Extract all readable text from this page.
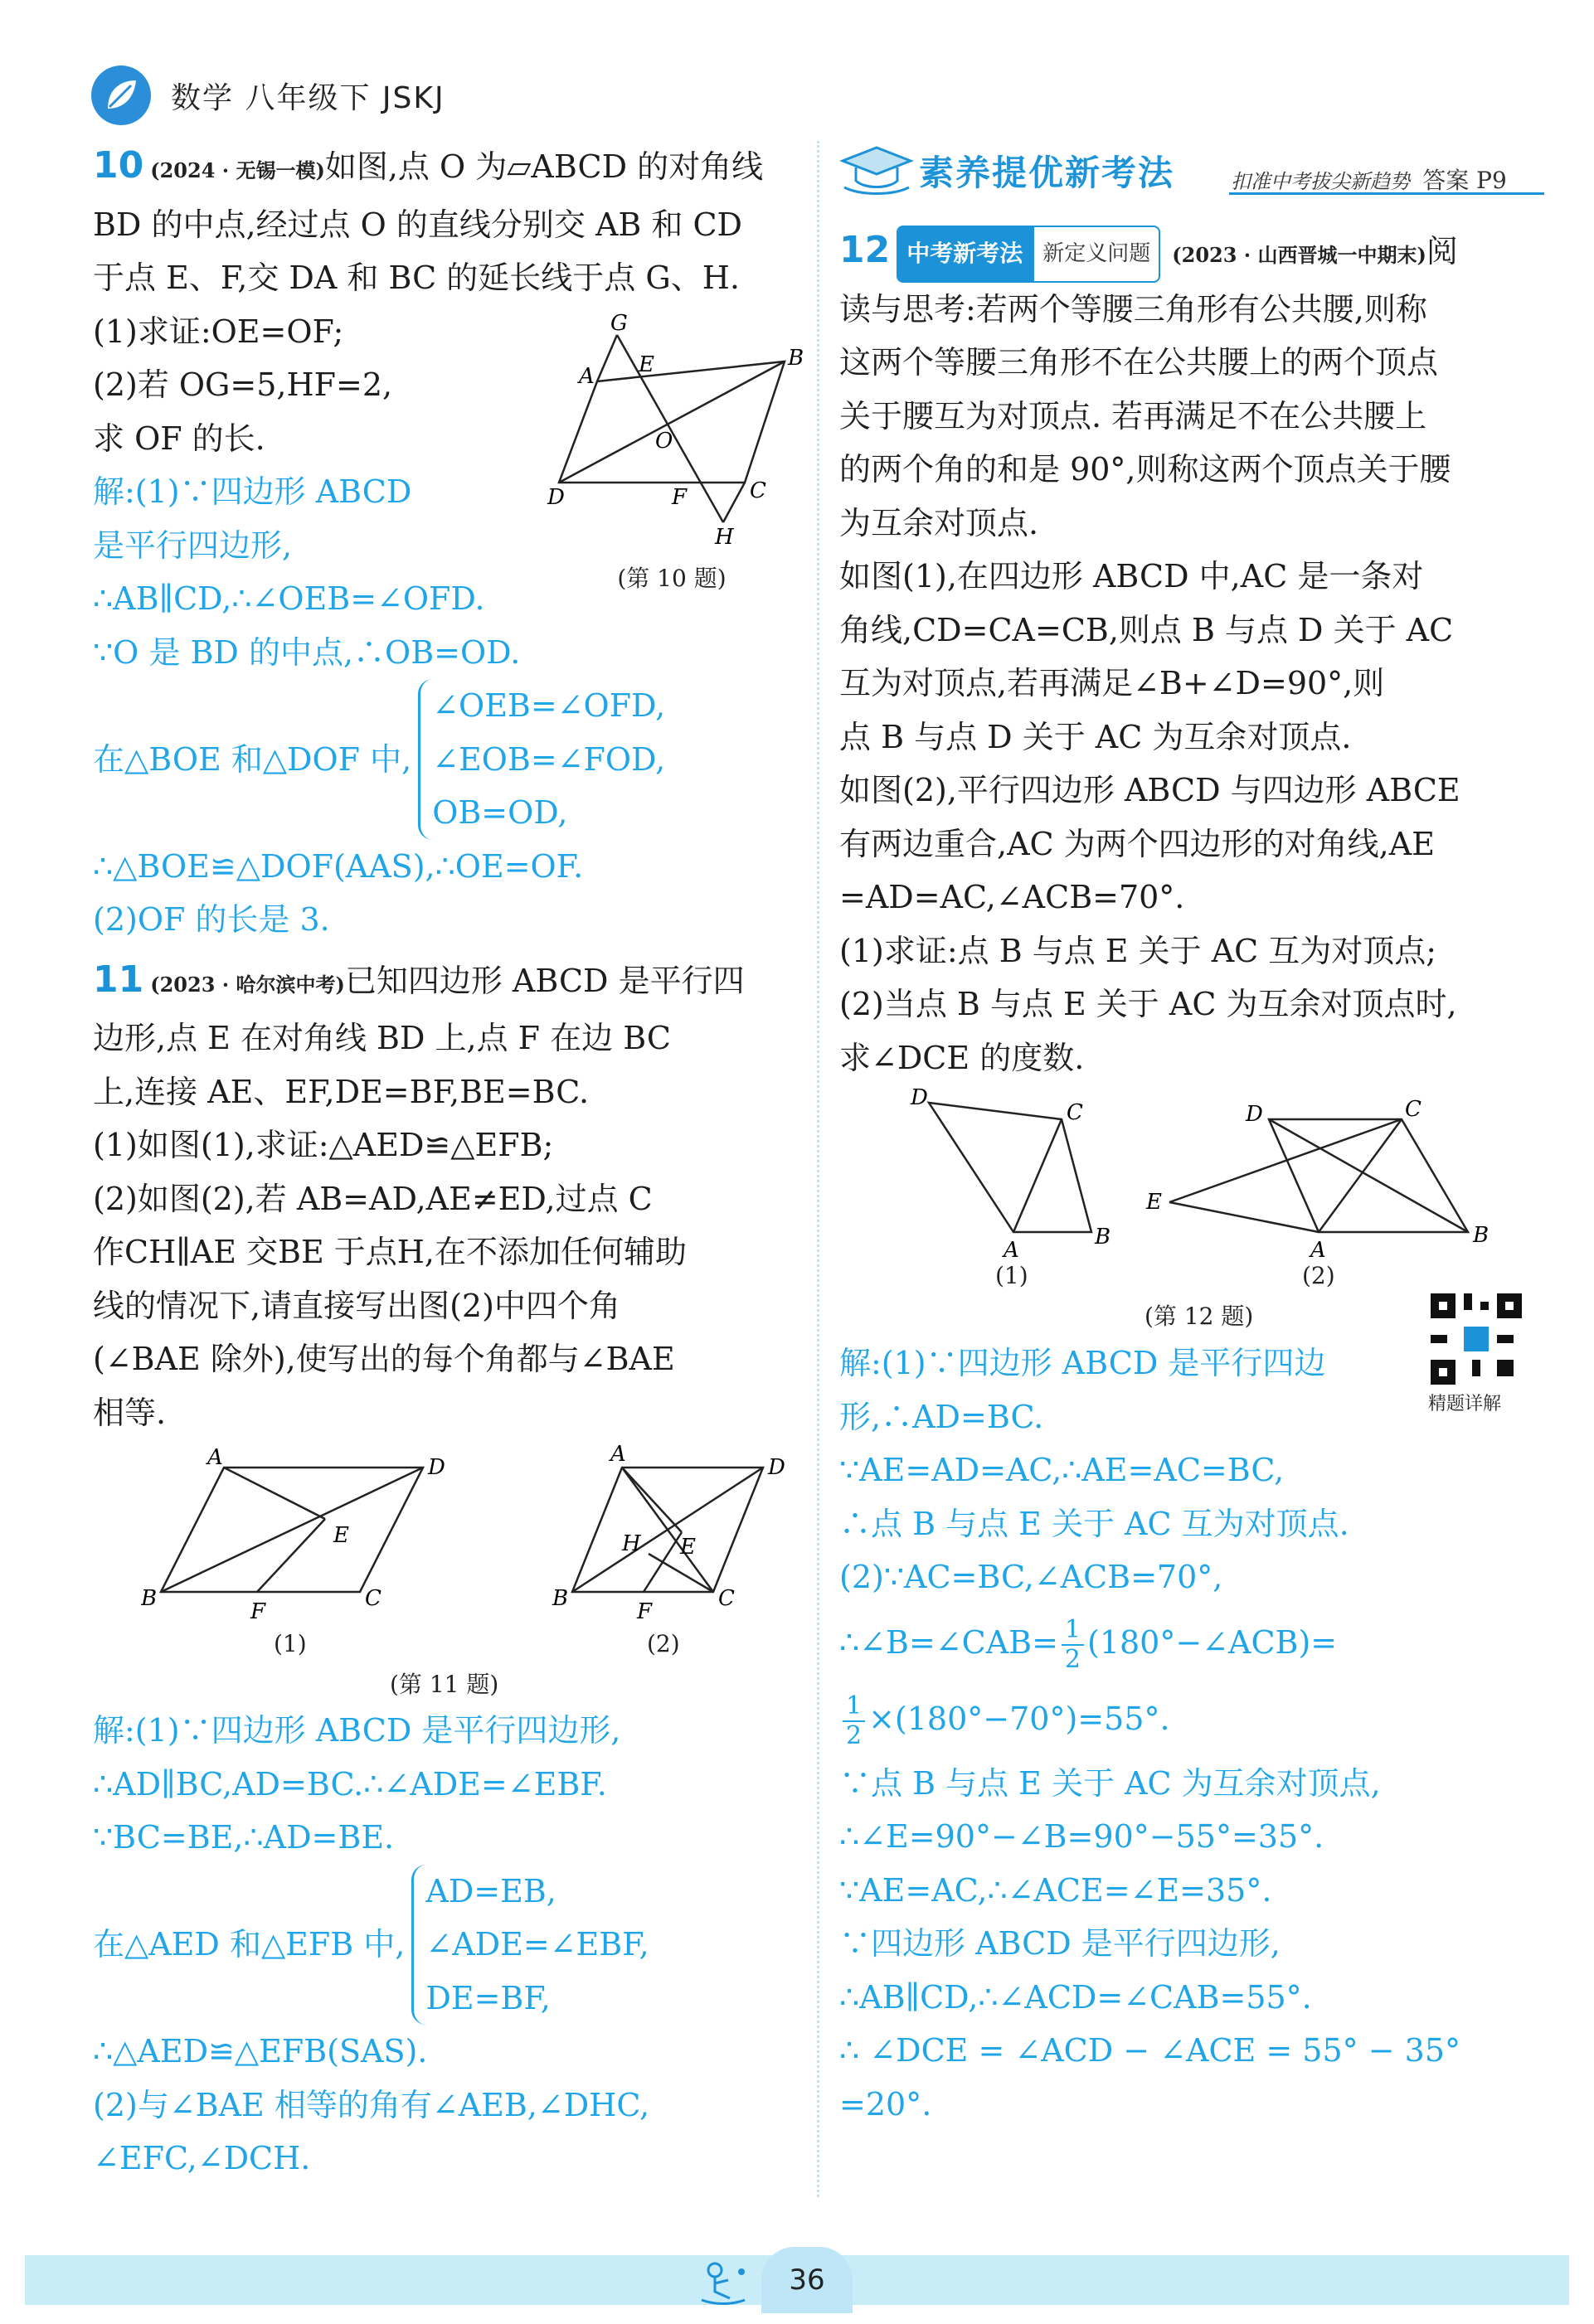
数学 八年级下 JSKJ
10 (2024 · 无锡一模)如图,点 O 为▱ABCD 的对角线
BD 的中点,经过点 O 的直线分别交 AB 和 CD
于点 E、F,交 DA 和 BC 的延长线于点 G、H.
(1)求证:OE=OF;
(2)若 OG=5,HF=2,
求 OF 的长.
解:(1)∵四边形 ABCD
是平行四边形,
∴AB∥CD,∴∠OEB=∠OFD.
∵O 是 BD 的中点,∴OB=OD.
在△BOE 和△DOF 中,
∠OEB=∠OFD,
∠EOB=∠FOD,
OB=OD,
∴△BOE≌△DOF(AAS),∴OE=OF.
(2)OF 的长是 3.
11 (2023 · 哈尔滨中考)已知四边形 ABCD 是平行四
边形,点 E 在对角线 BD 上,点 F 在边 BC
上,连接 AE、EF,DE=BF,BE=BC.
(1)如图(1),求证:△AED≌△EFB;
(2)如图(2),若 AB=AD,AE≠ED,过点 C
作CH∥AE 交BE 于点H,在不添加任何辅助
线的情况下,请直接写出图(2)中四个角
(∠BAE 除外),使写出的每个角都与∠BAE
相等.
G
A E	B
O
D	F	C
H
(第 10 题)
A	D
E
B
F
C
A
D
H E
B
F
C
(1)	(2)
(第 11 题)
解:(1)∵四边形 ABCD 是平行四边形,
∴AD∥BC,AD=BC.∴∠ADE=∠EBF.
∵BC=BE,∴AD=BE.
在△AED 和△EFB 中,
AD=EB,
∠ADE=∠EBF,
DE=BF,
∴△AED≌△EFB(SAS).
(2)与∠BAE 相等的角有∠AEB,∠DHC,
∠EFC,∠DCH.
素养提优新考法	扣准中考拔尖新趋势 答案 P9
12 中考新考法 新定义问题 (2023 · 山西晋城一中期末)阅
读与思考:若两个等腰三角形有公共腰,则称
这两个等腰三角形不在公共腰上的两个顶点
关于腰互为对顶点. 若再满足不在公共腰上
的两个角的和是 90°,则称这两个顶点关于腰
为互余对顶点.
如图(1),在四边形 ABCD 中,AC 是一条对
角线,CD=CA=CB,则点 B 与点 D 关于 AC
互为对顶点,若再满足∠B+∠D=90°,则
点 B 与点 D 关于 AC 为互余对顶点.
如图(2),平行四边形 ABCD 与四边形 ABCE
有两边重合,AC 为两个四边形的对角线,AE
=AD=AC,∠ACB=70°.
(1)求证:点 B 与点 E 关于 AC 互为对顶点;
(2)当点 B 与点 E 关于 AC 为互余对顶点时,
求∠DCE 的度数.
D
C
A
B
D	C
E
A
B
(1)	(2)
(第 12 题)
精题详解
解:(1)∵四边形 ABCD 是平行四边
形,∴AD=BC.
∵AE=AD=AC,∴AE=AC=BC,
∴点 B 与点 E 关于 AC 互为对顶点.
(2)∵AC=BC,∠ACB=70°,
∴∠B=∠CAB= $\frac{1}{2}$ (180°−∠ACB)=
$\frac{1}{2} \times(180^\circ-70^\circ)=55^\circ$.
∵点 B 与点 E 关于 AC 为互余对顶点,
∴∠E=90°−∠B=90°−55°=35°.
∵AE=AC,∴∠ACE=∠E=35°.
∵四边形 ABCD 是平行四边形,
∴AB∥CD,∴∠ACD=∠CAB=55°.
∴ ∠DCE = ∠ACD − ∠ACE = 55° − 35°
=20°.
36
